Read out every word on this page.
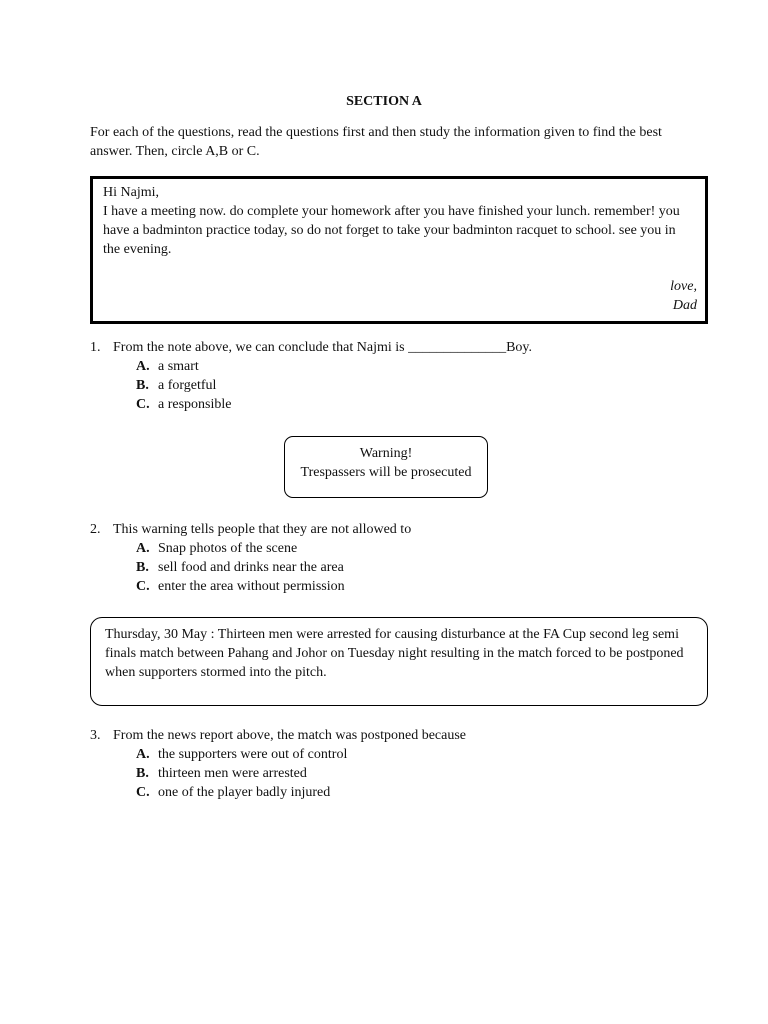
SECTION A
For each of the questions, read the questions first and then study the information given to find the best answer. Then, circle A,B or C.
Hi Najmi,
I have a meeting now. do complete your homework after you have finished your lunch. remember! you have a badminton practice today, so do not forget to take your badminton racquet to school. see you in the evening.
love,
Dad
1. From the note above, we can conclude that Najmi is ______________Boy.
A. a smart
B. a forgetful
C. a responsible
Warning!
Trespassers will be prosecuted
2. This warning tells people that they are not allowed to
A. Snap photos of the scene
B. sell food and drinks near the area
C. enter the area without permission
Thursday, 30 May : Thirteen men were arrested for causing disturbance at the FA Cup second leg semi finals match between Pahang and Johor on Tuesday night resulting in the match forced to be postponed when supporters stormed into the pitch.
3. From the news report above, the match was postponed because
A. the supporters were out of control
B. thirteen men were arrested
C. one of the player badly injured
